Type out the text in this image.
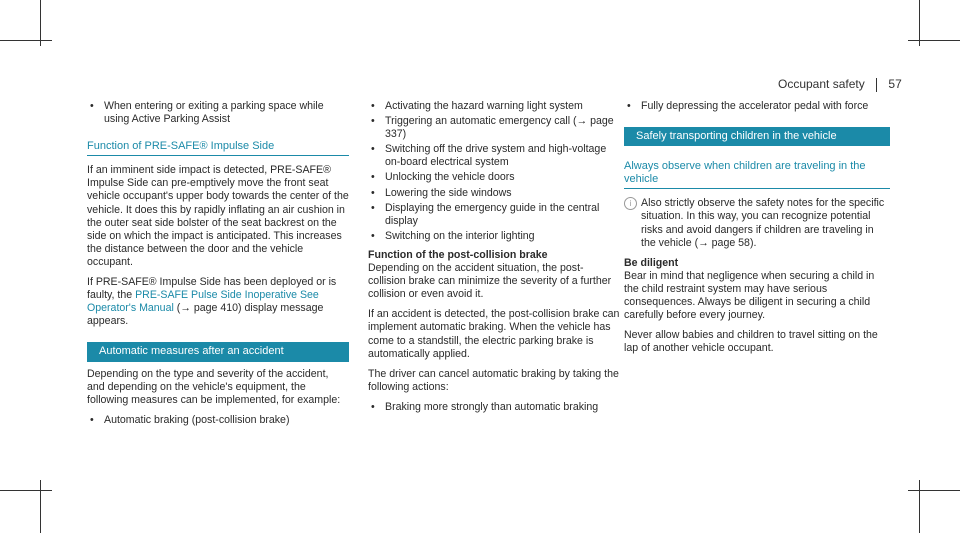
Occupant safety 57
• When entering or exiting a parking space while using Active Parking Assist
Function of PRE-SAFE® Impulse Side

If an imminent side impact is detected, PRE-SAFE® Impulse Side can pre-emptively move the front seat vehicle occupant's upper body towards the center of the vehicle. It does this by rapidly inflating an air cushion in the outer seat side bolster of the seat backrest on the side on which the impact is anticipated. This increases the distance between the door and the vehicle occupant.

If PRE-SAFE® Impulse Side has been deployed or is faulty, the PRE-SAFE Pulse Side Inoperative See Operator's Manual (→ page 410) display message appears.

Automatic measures after an accident

Depending on the type and severity of the accident, and depending on the vehicle's equipment, the following measures can be implemented, for example:

• Automatic braking (post-collision brake)
• Activating the hazard warning light system
• Triggering an automatic emergency call (→ page 337)
• Switching off the drive system and high-voltage on-board electrical system
• Unlocking the vehicle doors
• Lowering the side windows
• Displaying the emergency guide in the central display
• Switching on the interior lighting
Function of the post-collision brake

Depending on the accident situation, the post-collision brake can minimize the severity of a further collision or even avoid it.

If an accident is detected, the post-collision brake can implement automatic braking. When the vehicle has come to a standstill, the electric parking brake is automatically applied.

The driver can cancel automatic braking by taking the following actions:

• Braking more strongly than automatic braking
• Fully depressing the accelerator pedal with force
Safely transporting children in the vehicle
Always observe when children are traveling in the vehicle

i Also strictly observe the safety notes for the specific situation. In this way, you can recognize potential risks and avoid dangers if children are traveling in the vehicle (→ page 58).

Be diligent

Bear in mind that negligence when securing a child in the child restraint system may have serious consequences. Always be diligent in securing a child carefully before every journey.

Never allow babies and children to travel sitting on the lap of another vehicle occupant.
